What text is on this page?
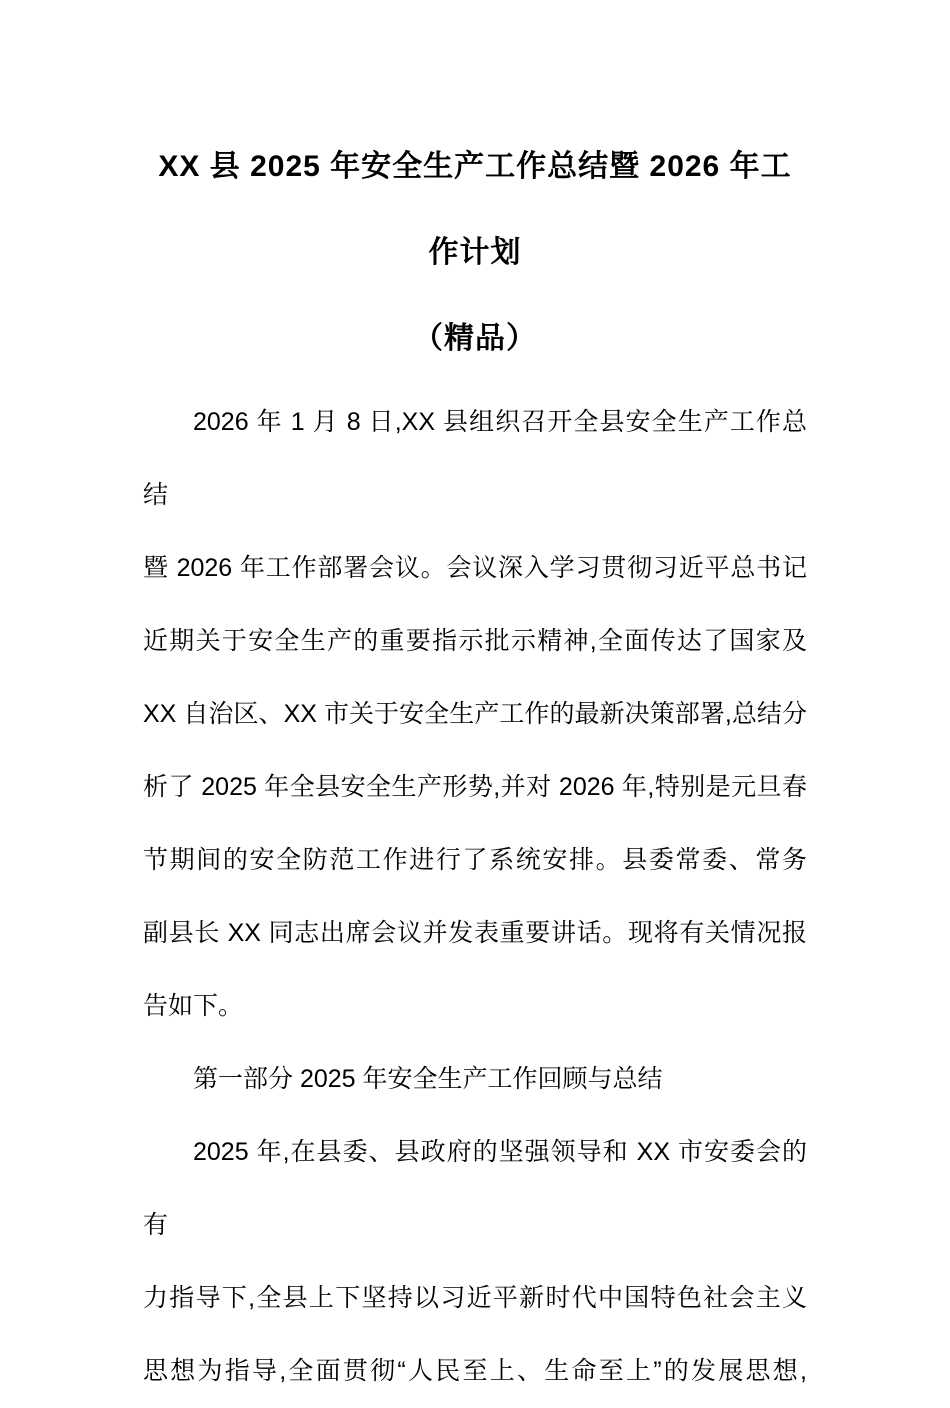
XX 县 2025 年安全生产工作总结暨 2026 年工作计划
（精品）
2026 年 1 月 8 日,XX 县组织召开全县安全生产工作总结
暨 2026 年工作部署会议。会议深入学习贯彻习近平总书记
近期关于安全生产的重要指示批示精神,全面传达了国家及
XX 自治区、XX 市关于安全生产工作的最新决策部署,总结分
析了 2025 年全县安全生产形势,并对 2026 年,特别是元旦春
节期间的安全防范工作进行了系统安排。县委常委、常务
副县长 XX 同志出席会议并发表重要讲话。现将有关情况报
告如下。
第一部分 2025 年安全生产工作回顾与总结
2025 年,在县委、县政府的坚强领导和 XX 市安委会的有
力指导下,全县上下坚持以习近平新时代中国特色社会主义
思想为指导,全面贯彻“人民至上、生命至上”的发展思想,
